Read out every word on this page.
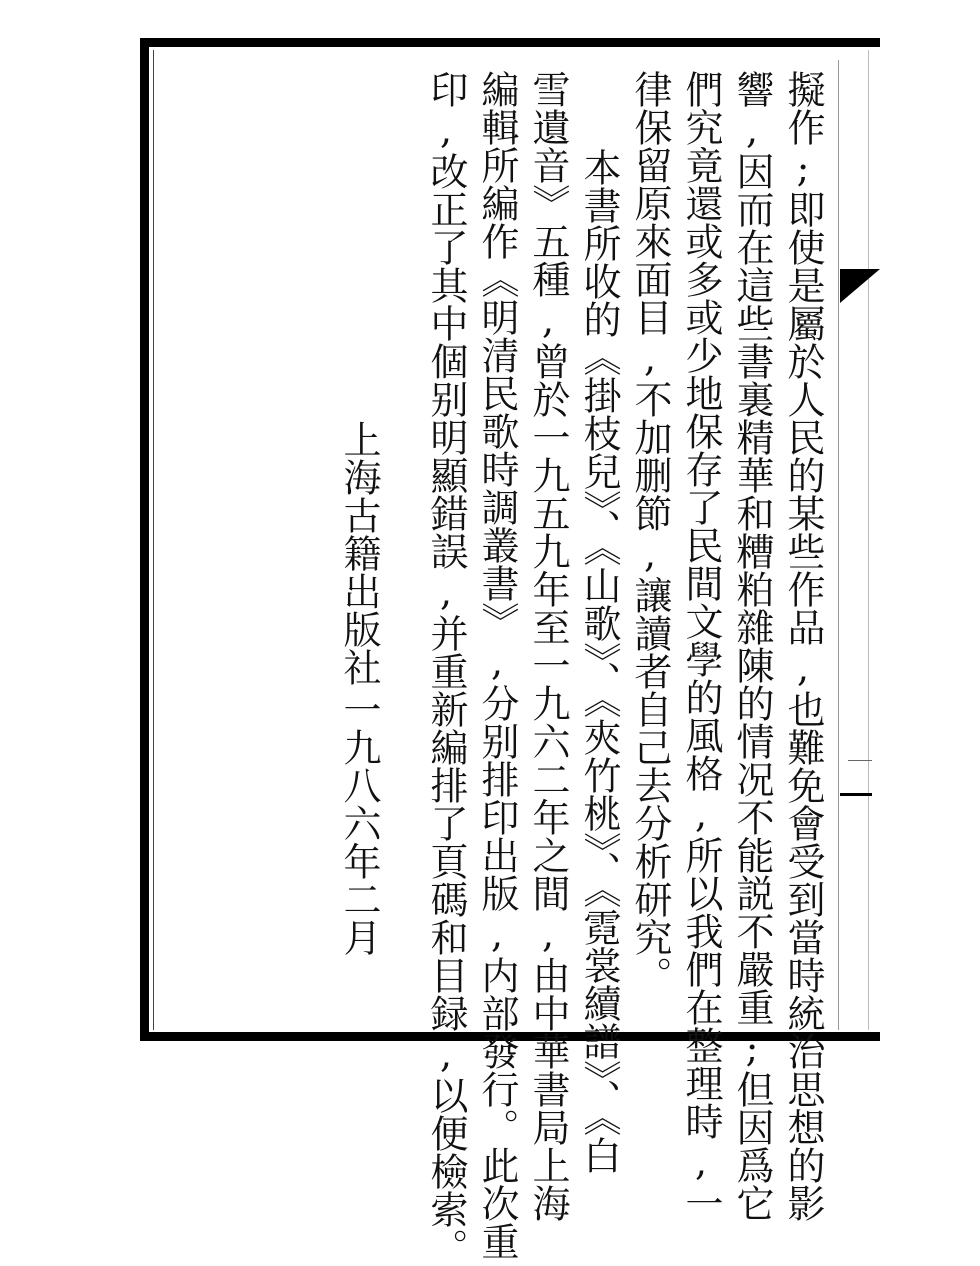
擬作;即使是屬於人民的某些作品,也難免會受到當時統治思想的影
響,因而在這些書裏精華和糟粕雜陳的情况不能説不嚴重;但因爲它
們究竟還或多或少地保存了民間文學的風格,所以我們在整理時,一
律保留原來面目,不加删節,讓讀者自己去分析研究。
本書所收的《掛枝兒》、《山歌》、《夾竹桃》、《霓裳續譜》、《白
雪遺音》五種,曾於一九五九年至一九六二年之間,由中華書局上海
編輯所編作《明清民歌時調叢書》,分别排印出版,内部發行。此次重
印,改正了其中個别明顯錯誤,并重新編排了頁碼和目録,以便檢索。
上海古籍出版社
一九八六年二月
